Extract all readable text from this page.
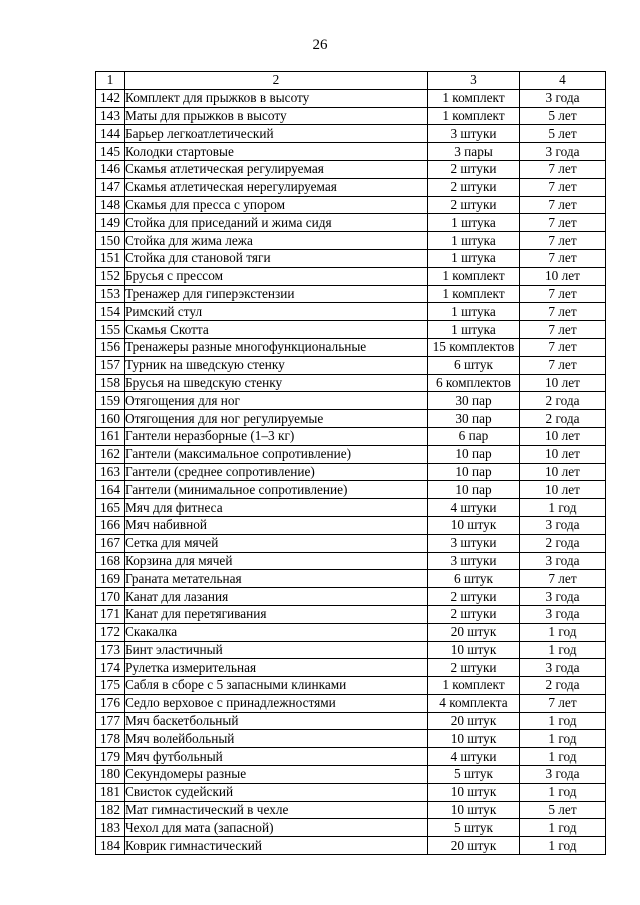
26
1	2	3	4
142	Комплект для прыжков в высоту	1 комплект	3 года
143	Маты для прыжков в высоту	1 комплект	5 лет
144	Барьер легкоатлетический	3 штуки	5 лет
145	Колодки стартовые	3 пары	3 года
146	Скамья атлетическая регулируемая	2 штуки	7 лет
147	Скамья атлетическая нерегулируемая	2 штуки	7 лет
148	Скамья для пресса с упором	2 штуки	7 лет
149	Стойка для приседаний и жима сидя	1 штука	7 лет
150	Стойка для жима лежа	1 штука	7 лет
151	Стойка для становой тяги	1 штука	7 лет
152	Брусья с прессом	1 комплект	10 лет
153	Тренажер для гиперэкстензии	1 комплект	7 лет
154	Римский стул	1 штука	7 лет
155	Скамья Скотта	1 штука	7 лет
156	Тренажеры разные многофункциональные	15 комплектов	7 лет
157	Турник на шведскую стенку	6 штук	7 лет
158	Брусья на шведскую стенку	6 комплектов	10 лет
159	Отягощения для ног	30 пар	2 года
160	Отягощения для ног регулируемые	30 пар	2 года
161	Гантели неразборные (1–3 кг)	6 пар	10 лет
162	Гантели (максимальное сопротивление)	10 пар	10 лет
163	Гантели (среднее сопротивление)	10 пар	10 лет
164	Гантели (минимальное сопротивление)	10 пар	10 лет
165	Мяч для фитнеса	4 штуки	1 год
166	Мяч набивной	10 штук	3 года
167	Сетка для мячей	3 штуки	2 года
168	Корзина для мячей	3 штуки	3 года
169	Граната метательная	6 штук	7 лет
170	Канат для лазания	2 штуки	3 года
171	Канат для перетягивания	2 штуки	3 года
172	Скакалка	20 штук	1 год
173	Бинт эластичный	10 штук	1 год
174	Рулетка измерительная	2 штуки	3 года
175	Сабля в сборе с 5 запасными клинками	1 комплект	2 года
176	Седло верховое с принадлежностями	4 комплекта	7 лет
177	Мяч баскетбольный	20 штук	1 год
178	Мяч волейбольный	10 штук	1 год
179	Мяч футбольный	4 штуки	1 год
180	Секундомеры разные	5 штук	3 года
181	Свисток судейский	10 штук	1 год
182	Мат гимнастический в чехле	10 штук	5 лет
183	Чехол для мата (запасной)	5 штук	1 год
184	Коврик гимнастический	20 штук	1 год
